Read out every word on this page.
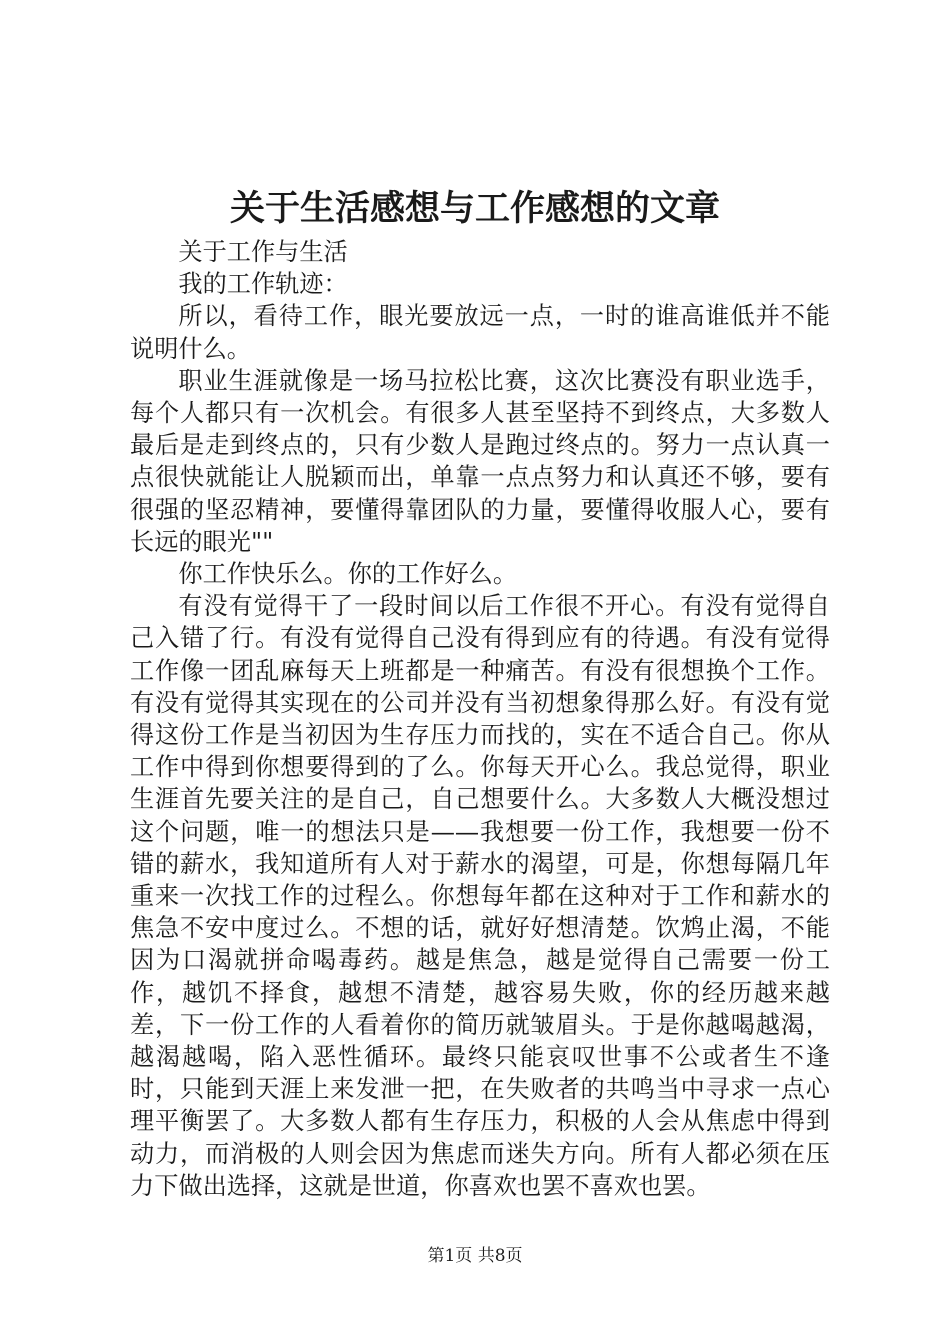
关于生活感想与工作感想的文章

关于工作与生活

我的工作轨迹：

所以，看待工作，眼光要放远一点，一时的谁高谁低并不能说明什么。

职业生涯就像是一场马拉松比赛，这次比赛没有职业选手，每个人都只有一次机会。有很多人甚至坚持不到终点，大多数人最后是走到终点的，只有少数人是跑过终点的。努力一点认真一点很快就能让人脱颖而出，单靠一点点努力和认真还不够，要有很强的坚忍精神，要懂得靠团队的力量，要懂得收服人心，要有长远的眼光""

你工作快乐么。你的工作好么。

有没有觉得干了一段时间以后工作很不开心。有没有觉得自己入错了行。有没有觉得自己没有得到应有的待遇。有没有觉得工作像一团乱麻每天上班都是一种痛苦。有没有很想换个工作。有没有觉得其实现在的公司并没有当初想象得那么好。有没有觉得这份工作是当初因为生存压力而找的，实在不适合自己。你从工作中得到你想要得到的了么。你每天开心么。我总觉得，职业生涯首先要关注的是自己，自己想要什么。大多数人大概没想过这个问题，唯一的想法只是——我想要一份工作，我想要一份不错的薪水，我知道所有人对于薪水的渴望，可是，你想每隔几年重来一次找工作的过程么。你想每年都在这种对于工作和薪水的焦急不安中度过么。不想的话，就好好想清楚。饮鸩止渴，不能因为口渴就拼命喝毒药。越是焦急，越是觉得自己需要一份工作，越饥不择食，越想不清楚，越容易失败，你的经历越来越差，下一份工作的人看着你的简历就皱眉头。于是你越喝越渴，越渴越喝，陷入恶性循环。最终只能哀叹世事不公或者生不逢时，只能到天涯上来发泄一把，在失败者的共鸣当中寻求一点心理平衡罢了。大多数人都有生存压力，积极的人会从焦虑中得到动力，而消极的人则会因为焦虑而迷失方向。所有人都必须在压力下做出选择，这就是世道，你喜欢也罢不喜欢也罢。

第1页 共8页
